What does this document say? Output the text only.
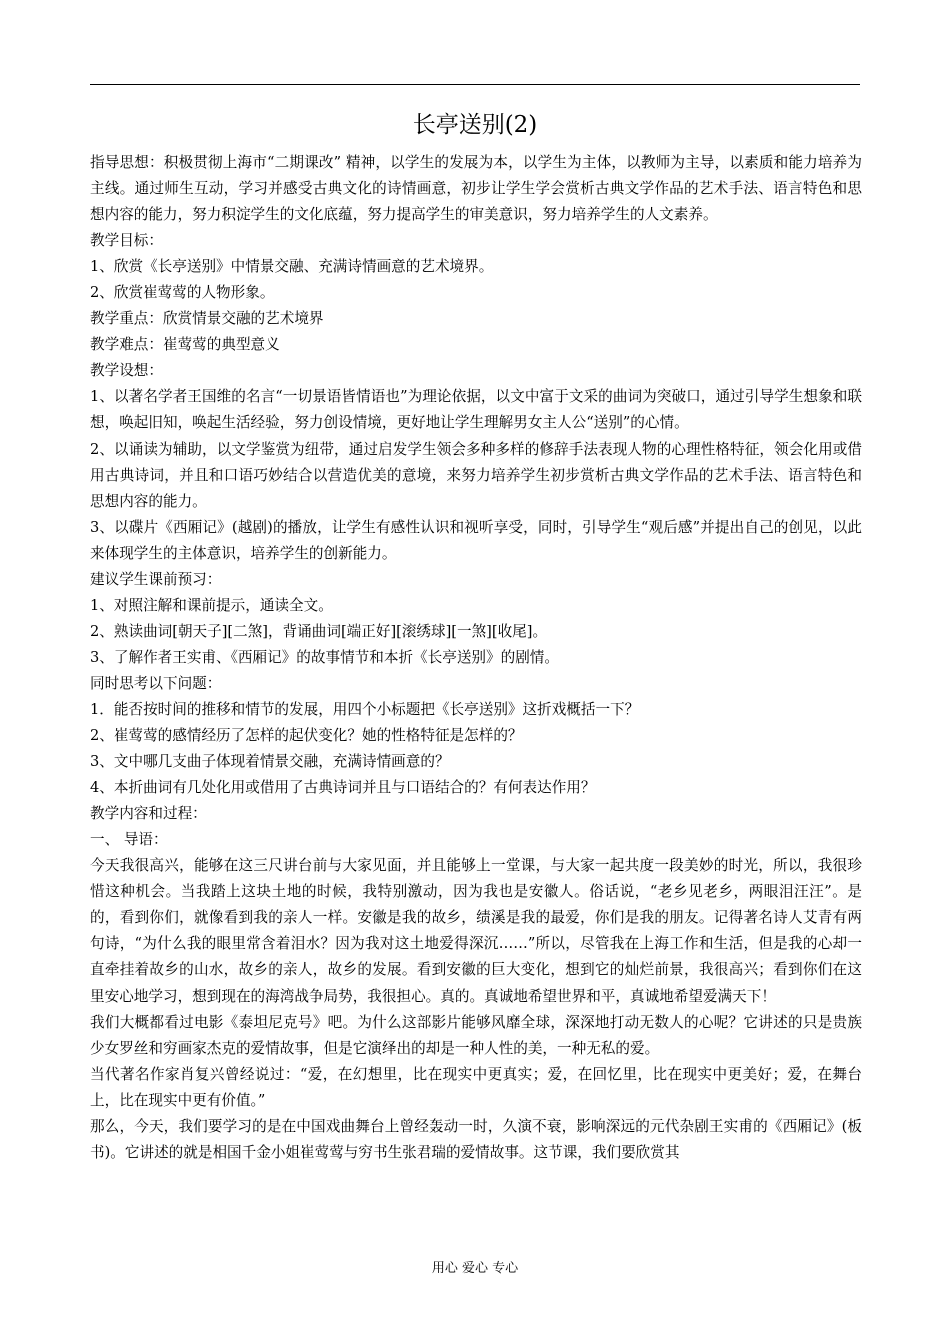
长亭送别(2)

指导思想：积极贯彻上海市“二期课改” 精神，以学生的发展为本，以学生为主体，以教师为主导，以素质和能力培养为主线。通过师生互动，学习并感受古典文化的诗情画意，初步让学生学会赏析古典文学作品的艺术手法、语言特色和思想内容的能力，努力积淀学生的文化底蕴，努力提高学生的审美意识，努力培养学生的人文素养。

教学目标：

1、欣赏《长亭送别》中情景交融、充满诗情画意的艺术境界。

2、欣赏崔莺莺的人物形象。

教学重点：欣赏情景交融的艺术境界

教学难点：崔莺莺的典型意义

教学设想：

1、以著名学者王国维的名言“一切景语皆情语也”为理论依据，以文中富于文采的曲词为突破口，通过引导学生想象和联想，唤起旧知，唤起生活经验，努力创设情境，更好地让学生理解男女主人公“送别”的心情。

2、以诵读为辅助，以文学鉴赏为纽带，通过启发学生领会多种多样的修辞手法表现人物的心理性格特征，领会化用或借用古典诗词，并且和口语巧妙结合以营造优美的意境，来努力培养学生初步赏析古典文学作品的艺术手法、语言特色和思想内容的能力。

3、以碟片《西厢记》(越剧)的播放，让学生有感性认识和视听享受，同时，引导学生“观后感”并提出自己的创见，以此来体现学生的主体意识，培养学生的创新能力。

建议学生课前预习：

1、对照注解和课前提示，通读全文。

2、熟读曲词[朝天子][二煞]，背诵曲词[端正好][滚绣球][一煞][收尾]。

3、了解作者王实甫、《西厢记》的故事情节和本折《长亭送别》的剧情。

同时思考以下问题：

1．能否按时间的推移和情节的发展，用四个小标题把《长亭送别》这折戏概括一下？

2、崔莺莺的感情经历了怎样的起伏变化？她的性格特征是怎样的？

3、文中哪几支曲子体现着情景交融，充满诗情画意的？

4、本折曲词有几处化用或借用了古典诗词并且与口语结合的？有何表达作用？

教学内容和过程：

一、 导语：

今天我很高兴，能够在这三尺讲台前与大家见面，并且能够上一堂课，与大家一起共度一段美妙的时光，所以，我很珍惜这种机会。当我踏上这块土地的时候，我特别激动，因为我也是安徽人。俗话说，“老乡见老乡，两眼泪汪汪”。是的，看到你们，就像看到我的亲人一样。安徽是我的故乡，绩溪是我的最爱，你们是我的朋友。记得著名诗人艾青有两句诗，“为什么我的眼里常含着泪水？因为我对这土地爱得深沉……”所以，尽管我在上海工作和生活，但是我的心却一直牵挂着故乡的山水，故乡的亲人，故乡的发展。看到安徽的巨大变化，想到它的灿烂前景，我很高兴；看到你们在这里安心地学习，想到现在的海湾战争局势，我很担心。真的。真诚地希望世界和平，真诚地希望爱满天下！

我们大概都看过电影《泰坦尼克号》吧。为什么这部影片能够风靡全球，深深地打动无数人的心呢？它讲述的只是贵族少女罗丝和穷画家杰克的爱情故事，但是它演绎出的却是一种人性的美，一种无私的爱。

当代著名作家肖复兴曾经说过：“爱，在幻想里，比在现实中更真实；爱，在回忆里，比在现实中更美好；爱，在舞台上，比在现实中更有价值。”

那么，今天，我们要学习的是在中国戏曲舞台上曾经轰动一时，久演不衰，影响深远的元代杂剧王实甫的《西厢记》(板书)。它讲述的就是相国千金小姐崔莺莺与穷书生张君瑞的爱情故事。这节课，我们要欣赏其

用心 爱心 专心
